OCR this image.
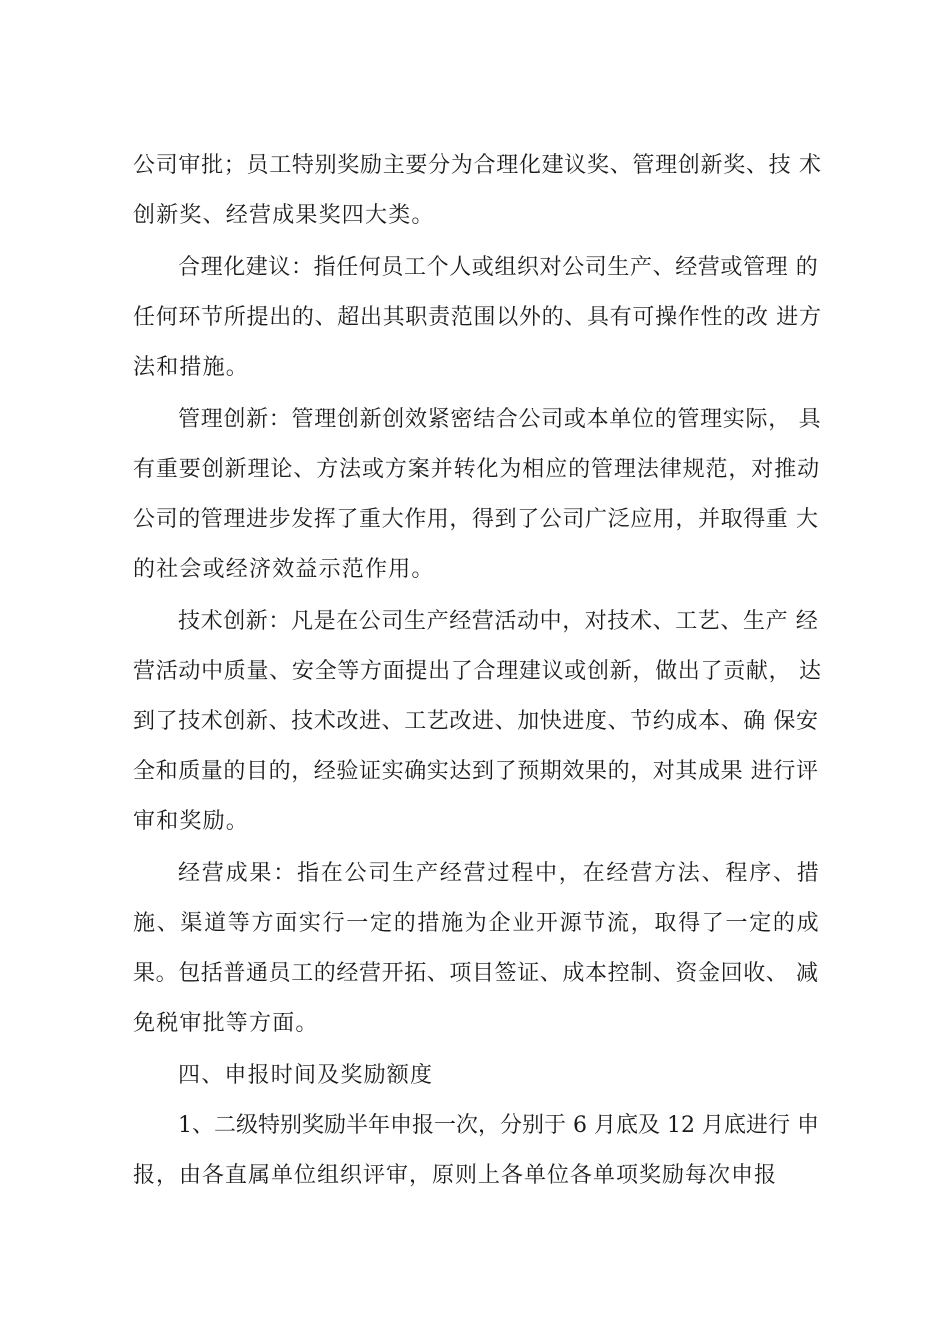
公司审批；员工特别奖励主要分为合理化建议奖、管理创新奖、技 术
创新奖、经营成果奖四大类。
合理化建议：指任何员工个人或组织对公司生产、经营或管理 的
任何环节所提出的、超出其职责范围以外的、具有可操作性的改 进方
法和措施。
管理创新：管理创新创效紧密结合公司或本单位的管理实际， 具
有重要创新理论、方法或方案并转化为相应的管理法律规范，对推动
公司的管理进步发挥了重大作用，得到了公司广泛应用，并取得重 大
的社会或经济效益示范作用。
技术创新：凡是在公司生产经营活动中，对技术、工艺、生产 经
营活动中质量、安全等方面提出了合理建议或创新，做出了贡献， 达
到了技术创新、技术改进、工艺改进、加快进度、节约成本、确 保安
全和质量的目的，经验证实确实达到了预期效果的，对其成果 进行评
审和奖励。
经营成果：指在公司生产经营过程中，在经营方法、程序、措
施、渠道等方面实行一定的措施为企业开源节流，取得了一定的成
果。包括普通员工的经营开拓、项目签证、成本控制、资金回收、 减
免税审批等方面。
四、申报时间及奖励额度
1、二级特别奖励半年申报一次，分别于 6 月底及 12 月底进行 申
报，由各直属单位组织评审，原则上各单位各单项奖励每次申报
